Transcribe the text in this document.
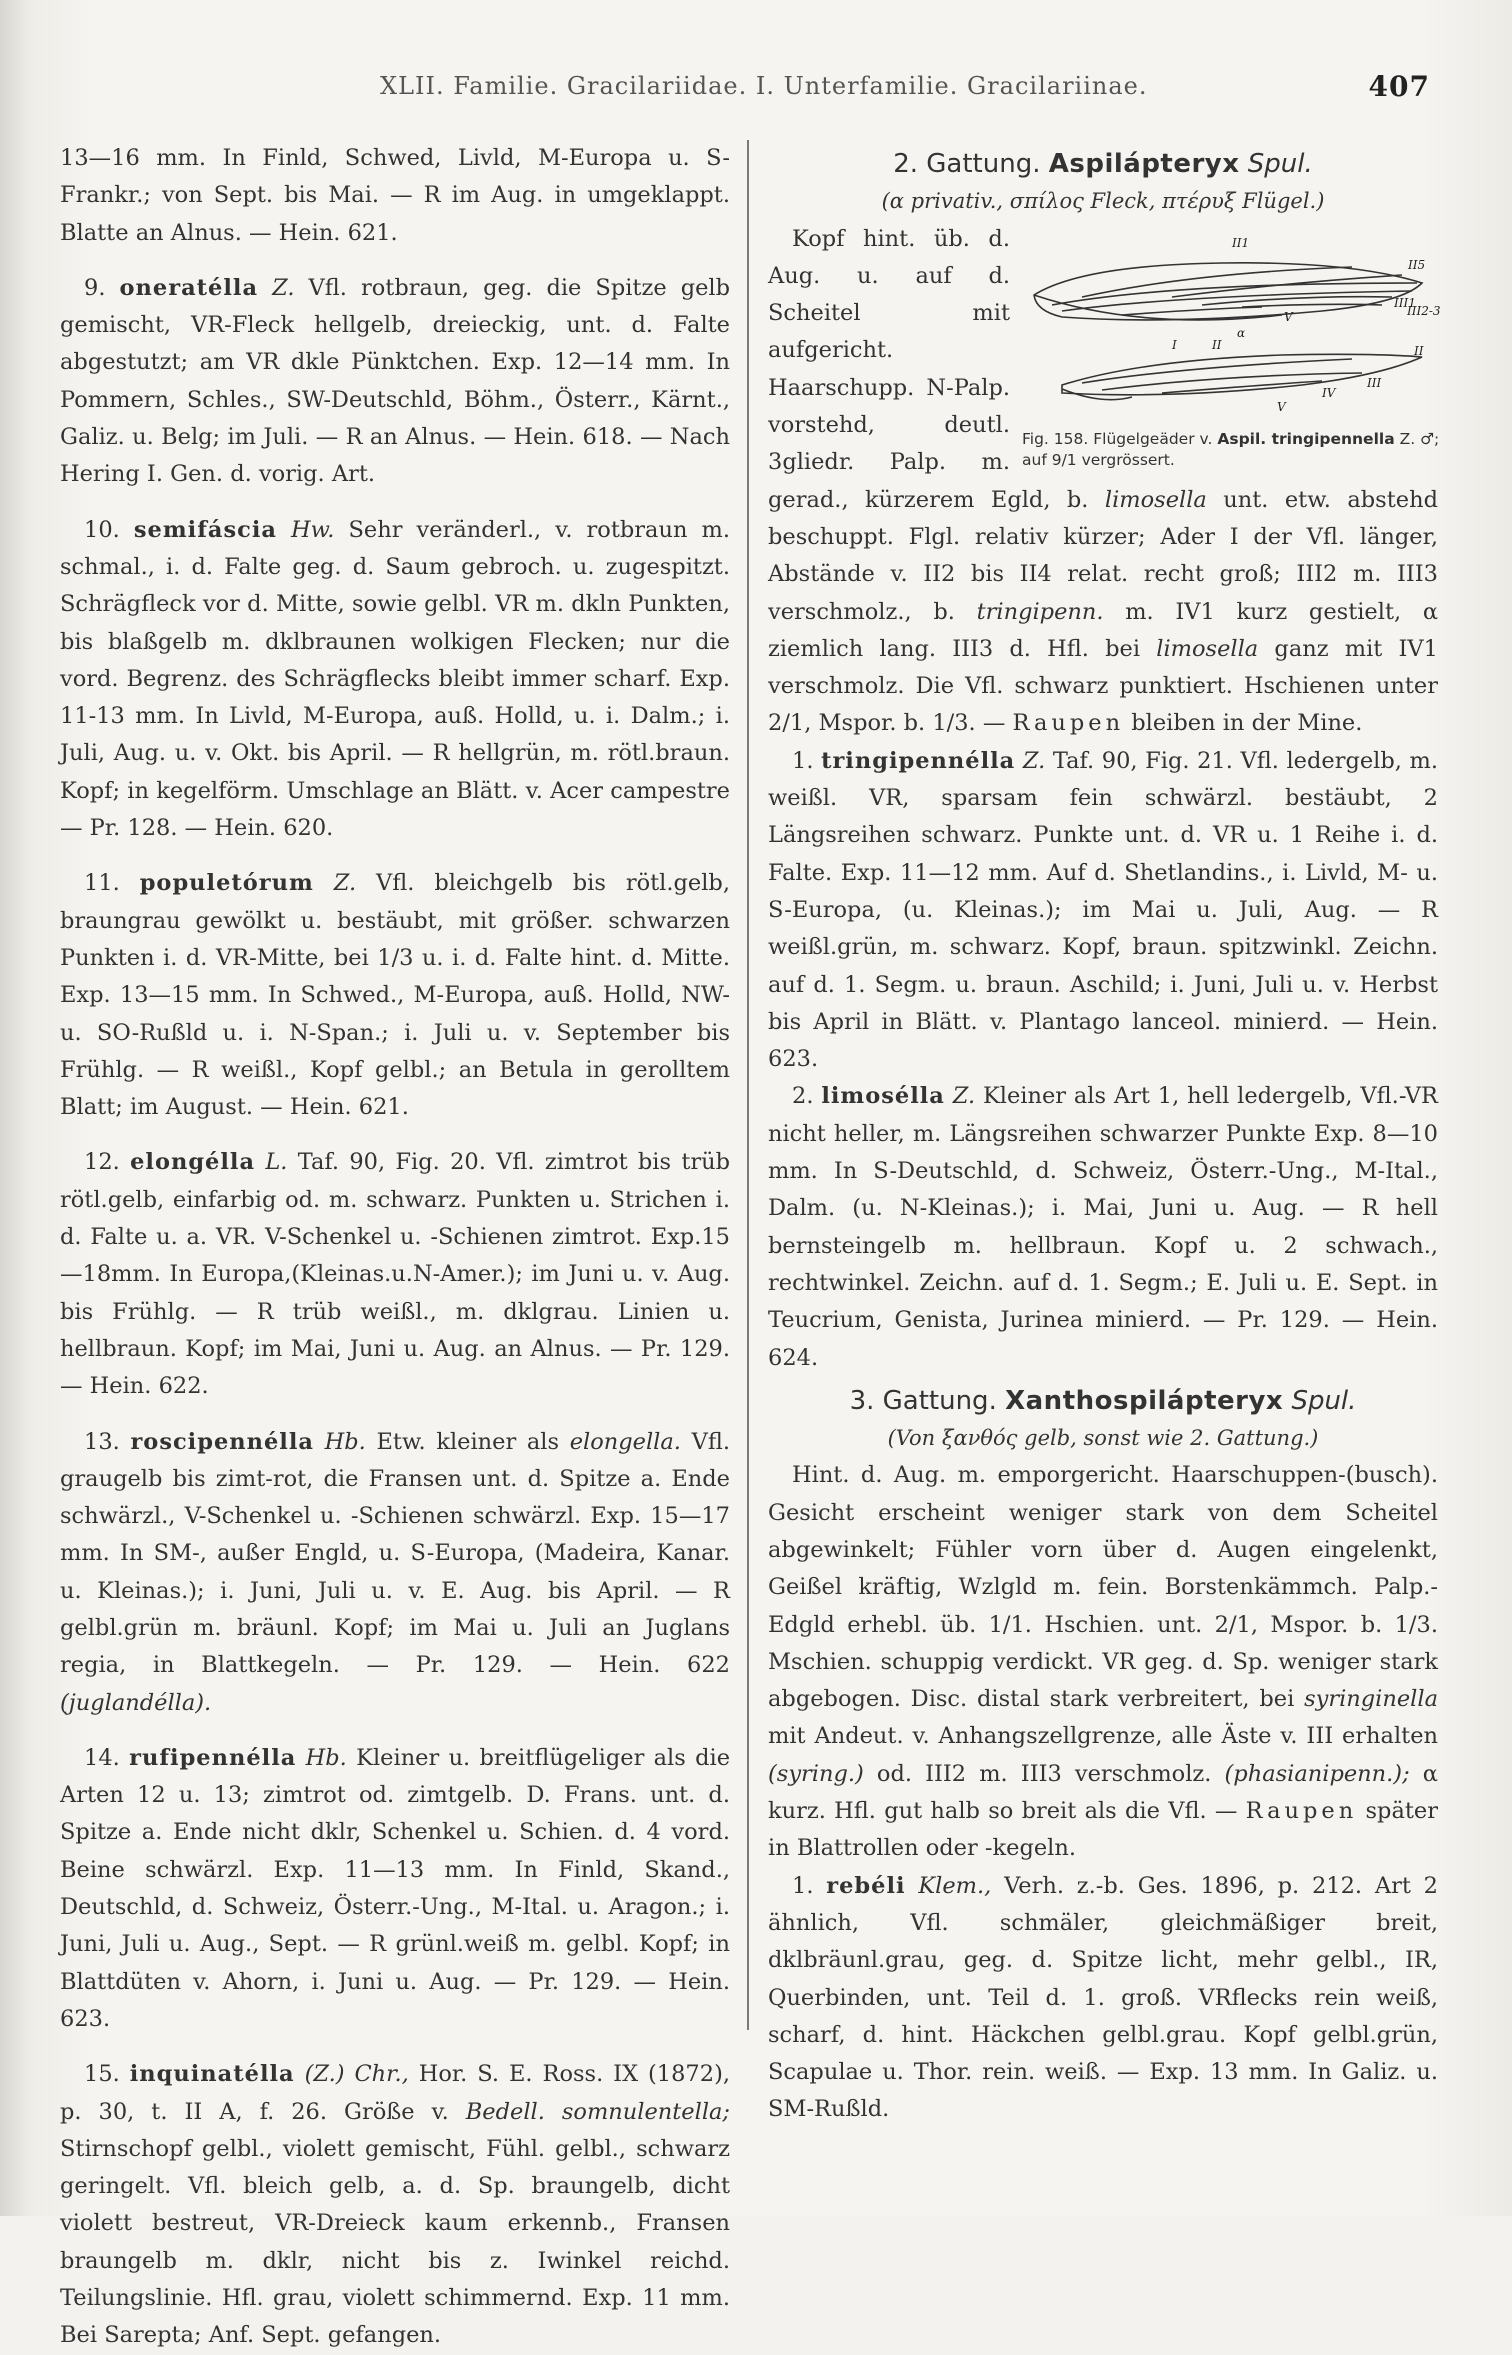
XLII. Familie. Gracilariidae. I. Unterfamilie. Gracilariinae.	407

13—16 mm. In Finld, Schwed, Livld, M-Europa u. S-Frankr.; von Sept. bis Mai. — R im Aug. in umgeklappt. Blatte an Alnus. — Hein. 621.

9. oneratélla Z. Vfl. rotbraun, geg. die Spitze gelb gemischt, VR-Fleck hellgelb, dreieckig, unt. d. Falte abgestutzt; am VR dkle Pünktchen. Exp. 12—14 mm. In Pommern, Schles., SW-Deutschld, Böhm., Österr., Kärnt., Galiz. u. Belg; im Juli. — R an Alnus. — Hein. 618. — Nach Hering I. Gen. d. vorig. Art.

10. semifáscia Hw. Sehr veränderl., v. rotbraun m. schmal., i. d. Falte geg. d. Saum gebroch. u. zugespitzt. Schrägfleck vor d. Mitte, sowie gelbl. VR m. dkln Punkten, bis blaßgelb m. dklbraunen wolkigen Flecken; nur die vord. Begrenz. des Schrägflecks bleibt immer scharf. Exp. 11-13 mm. In Livld, M-Europa, auß. Holld, u. i. Dalm.; i. Juli, Aug. u. v. Okt. bis April. — R hellgrün, m. rötl.braun. Kopf; in kegelförm. Umschlage an Blätt. v. Acer campestre — Pr. 128. — Hein. 620.

11. populetórum Z. Vfl. bleichgelb bis rötl.gelb, braungrau gewölkt u. bestäubt, mit größer. schwarzen Punkten i. d. VR-Mitte, bei 1/3 u. i. d. Falte hint. d. Mitte. Exp. 13—15 mm. In Schwed., M-Europa, auß. Holld, NW- u. SO-Rußld u. i. N-Span.; i. Juli u. v. September bis Frühlg. — R weißl., Kopf gelbl.; an Betula in gerolltem Blatt; im August. — Hein. 621.

12. elongélla L. Taf. 90, Fig. 20. Vfl. zimtrot bis trüb rötl.gelb, einfarbig od. m. schwarz. Punkten u. Strichen i. d. Falte u. a. VR. V-Schenkel u. -Schienen zimtrot. Exp.15—18mm. In Europa,(Kleinas.u.N-Amer.); im Juni u. v. Aug. bis Frühlg. — R trüb weißl., m. dklgrau. Linien u. hellbraun. Kopf; im Mai, Juni u. Aug. an Alnus. — Pr. 129. — Hein. 622.

13. roscipennélla Hb. Etw. kleiner als elongella. Vfl. graugelb bis zimt-rot, die Fransen unt. d. Spitze a. Ende schwärzl., V-Schenkel u. -Schienen schwärzl. Exp. 15—17 mm. In SM-, außer Engld, u. S-Europa, (Madeira, Kanar. u. Kleinas.); i. Juni, Juli u. v. E. Aug. bis April. — R gelbl.grün m. bräunl. Kopf; im Mai u. Juli an Juglans regia, in Blattkegeln. — Pr. 129. — Hein. 622 (juglandélla).

14. rufipennélla Hb. Kleiner u. breitflügeliger als die Arten 12 u. 13; zimtrot od. zimtgelb. D. Frans. unt. d. Spitze a. Ende nicht dklr, Schenkel u. Schien. d. 4 vord. Beine schwärzl. Exp. 11—13 mm. In Finld, Skand., Deutschld, d. Schweiz, Österr.-Ung., M-Ital. u. Aragon.; i. Juni, Juli u. Aug., Sept. — R grünl.weiß m. gelbl. Kopf; in Blattdüten v. Ahorn, i. Juni u. Aug. — Pr. 129. — Hein. 623.

15. inquinatélla (Z.) Chr., Hor. S. E. Ross. IX (1872), p. 30, t. II A, f. 26. Größe v. Bedell. somnulentella; Stirnschopf gelbl., violett gemischt, Fühl. gelbl., schwarz geringelt. Vfl. bleich gelb, a. d. Sp. braungelb, dicht violett bestreut, VR-Dreieck kaum erkennb., Fransen braungelb m. dklr, nicht bis z. Iwinkel reichd. Teilungslinie. Hfl. grau, violett schimmernd. Exp. 11 mm. Bei Sarepta; Anf. Sept. gefangen.

2. Gattung. Aspilápteryx Spul.
(α privativ., σπίλος Fleck, πτέρυξ Flügel.)
II1
II5
III1
III2-3
V
α
I	II	II
III
IV
V
Fig. 158. Flügelgeäder v. Aspil. tringipennella Z. ♂; auf 9/1 vergrössert.

Kopf hint. üb. d. Aug. u. auf d. Scheitel mit aufgericht. Haarschupp. N-Palp. vorstehd, deutl. 3gliedr. Palp. m. gerad., kürzerem Egld, b. limosella unt. etw. abstehd beschuppt. Flgl. relativ kürzer; Ader I der Vfl. länger, Abstände v. II2 bis II4 relat. recht groß; III2 m. III3 verschmolz., b. tringipenn. m. IV1 kurz gestielt, α ziemlich lang. III3 d. Hfl. bei limosella ganz mit IV1 verschmolz. Die Vfl. schwarz punktiert. Hschienen unter 2/1, Mspor. b. 1/3. — Raupen bleiben in der Mine.

1. tringipennélla Z. Taf. 90, Fig. 21. Vfl. ledergelb, m. weißl. VR, sparsam fein schwärzl. bestäubt, 2 Längsreihen schwarz. Punkte unt. d. VR u. 1 Reihe i. d. Falte. Exp. 11—12 mm. Auf d. Shetlandins., i. Livld, M- u. S-Europa, (u. Kleinas.); im Mai u. Juli, Aug. — R weißl.grün, m. schwarz. Kopf, braun. spitzwinkl. Zeichn. auf d. 1. Segm. u. braun. Aschild; i. Juni, Juli u. v. Herbst bis April in Blätt. v. Plantago lanceol. minierd. — Hein. 623.

2. limosélla Z. Kleiner als Art 1, hell ledergelb, Vfl.-VR nicht heller, m. Längsreihen schwarzer Punkte Exp. 8—10 mm. In S-Deutschld, d. Schweiz, Österr.-Ung., M-Ital., Dalm. (u. N-Kleinas.); i. Mai, Juni u. Aug. — R hell bernsteingelb m. hellbraun. Kopf u. 2 schwach., rechtwinkel. Zeichn. auf d. 1. Segm.; E. Juli u. E. Sept. in Teucrium, Genista, Jurinea minierd. — Pr. 129. — Hein. 624.

3. Gattung. Xanthospilápteryx Spul.
(Von ξανθός gelb, sonst wie 2. Gattung.)

Hint. d. Aug. m. emporgericht. Haarschuppen-(busch). Gesicht erscheint weniger stark von dem Scheitel abgewinkelt; Fühler vorn über d. Augen eingelenkt, Geißel kräftig, Wzlgld m. fein. Borstenkämmch. Palp.-Edgld erhebl. üb. 1/1. Hschien. unt. 2/1, Mspor. b. 1/3. Mschien. schuppig verdickt. VR geg. d. Sp. weniger stark abgebogen. Disc. distal stark verbreitert, bei syringinella mit Andeut. v. Anhangszellgrenze, alle Äste v. III erhalten (syring.) od. III2 m. III3 verschmolz. (phasianipenn.); α kurz. Hfl. gut halb so breit als die Vfl. — Raupen später in Blattrollen oder -kegeln.

1. rebéli Klem., Verh. z.-b. Ges. 1896, p. 212. Art 2 ähnlich, Vfl. schmäler, gleichmäßiger breit, dklbräunl.grau, geg. d. Spitze licht, mehr gelbl., IR, Querbinden, unt. Teil d. 1. groß. VRflecks rein weiß, scharf, d. hint. Häckchen gelbl.grau. Kopf gelbl.grün, Scapulae u. Thor. rein. weiß. — Exp. 13 mm. In Galiz. u. SM-Rußld.
